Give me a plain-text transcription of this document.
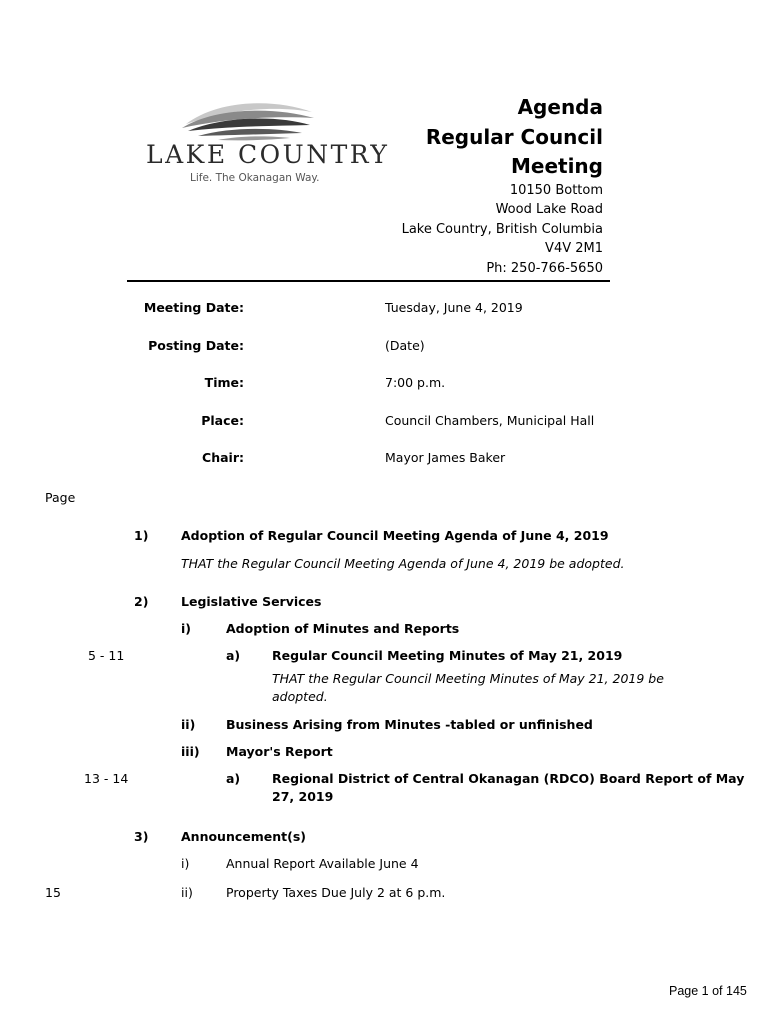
LAKE COUNTRY
Life. The Okanagan Way.
Agenda
Regular Council
Meeting
10150 Bottom
Wood Lake Road
Lake Country, British Columbia
V4V 2M1
Ph: 250-766-5650
Meeting Date:	Tuesday, June 4, 2019
Posting Date:	(Date)
Time:	7:00 p.m.
Place:	Council Chambers, Municipal Hall
Chair:	Mayor James Baker
Page
1)	Adoption of Regular Council Meeting Agenda of June 4, 2019
THAT the Regular Council Meeting Agenda of June 4, 2019 be adopted.
2)	Legislative Services
i)	Adoption of Minutes and Reports
5 - 11	a)	Regular Council Meeting Minutes of May 21, 2019
THAT the Regular Council Meeting Minutes of May 21, 2019 be
adopted.
ii) Business Arising from Minutes -tabled or unfinished
iii) Mayor's Report
13 - 14	a)	Regional District of Central Okanagan (RDCO) Board Report of May
27, 2019
3)	Announcement(s)
i)	Annual Report Available June 4
15	ii)	Property Taxes Due July 2 at 6 p.m.
Page 1 of 145
